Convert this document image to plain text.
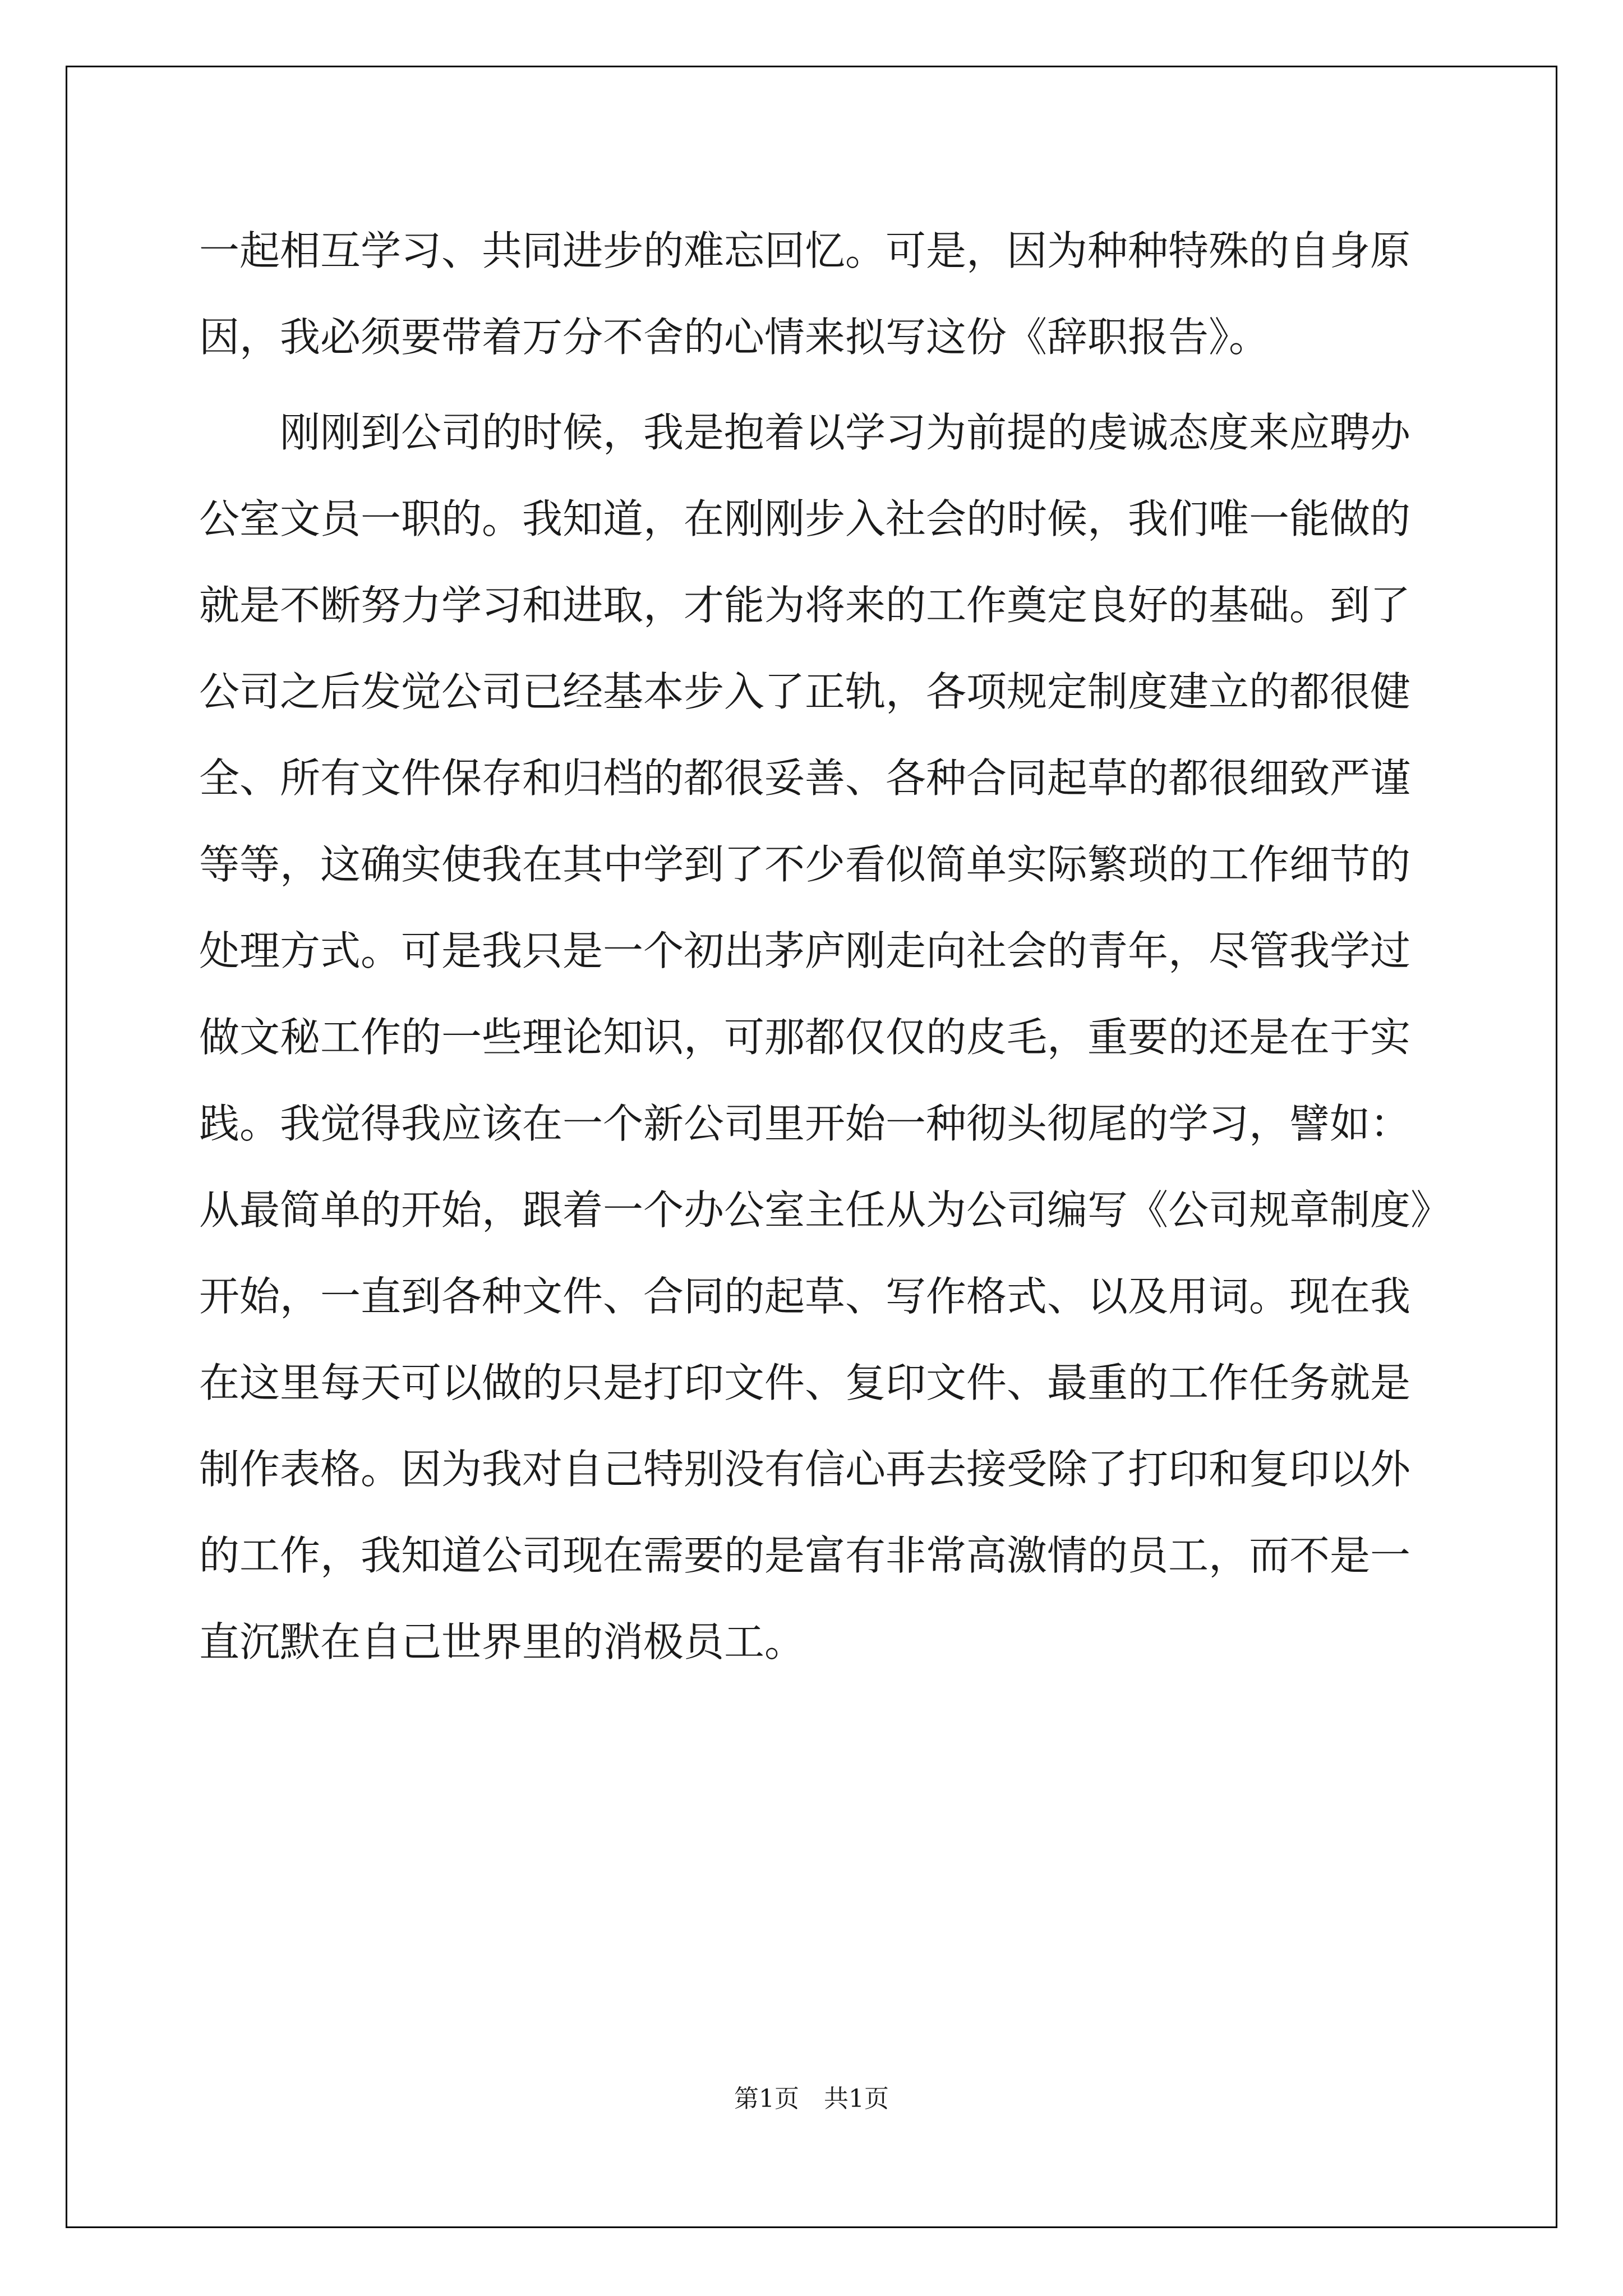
一起相互学习、共同进步的难忘回忆。可是，因为种种特殊的自身原
因，我必须要带着万分不舍的心情来拟写这份《辞职报告》。
　　刚刚到公司的时候，我是抱着以学习为前提的虔诚态度来应聘办
公室文员一职的。我知道，在刚刚步入社会的时候，我们唯一能做的
就是不断努力学习和进取，才能为将来的工作奠定良好的基础。到了
公司之后发觉公司已经基本步入了正轨，各项规定制度建立的都很健
全、所有文件保存和归档的都很妥善、各种合同起草的都很细致严谨
等等，这确实使我在其中学到了不少看似简单实际繁琐的工作细节的
处理方式。可是我只是一个初出茅庐刚走向社会的青年，尽管我学过
做文秘工作的一些理论知识，可那都仅仅的皮毛，重要的还是在于实
践。我觉得我应该在一个新公司里开始一种彻头彻尾的学习，譬如：
从最简单的开始，跟着一个办公室主任从为公司编写《公司规章制度》
开始，一直到各种文件、合同的起草、写作格式、以及用词。现在我
在这里每天可以做的只是打印文件、复印文件、最重的工作任务就是
制作表格。因为我对自己特别没有信心再去接受除了打印和复印以外
的工作，我知道公司现在需要的是富有非常高激情的员工，而不是一
直沉默在自己世界里的消极员工。
第1页　共1页
